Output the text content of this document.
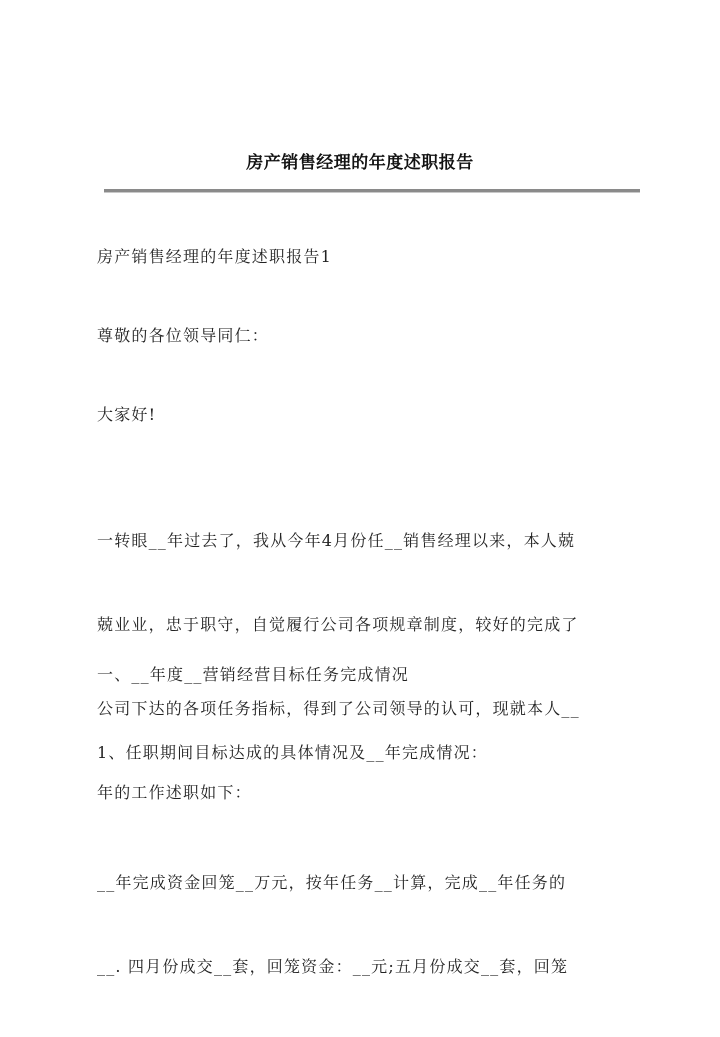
房产销售经理的年度述职报告
房产销售经理的年度述职报告1
尊敬的各位领导同仁：
大家好!

一转眼__年过去了，我从今年4月份任__销售经理以来，本人兢

兢业业，忠于职守，自觉履行公司各项规章制度，较好的完成了

公司下达的各项任务指标，得到了公司领导的认可，现就本人__

年的工作述职如下：

一、__年度__营销经营目标任务完成情况
1、任职期间目标达成的具体情况及__年完成情况：

__年完成资金回笼__万元，按年任务__计算，完成__年任务的

__. 四月份成交__套，回笼资金：__元;五月份成交__套，回笼
